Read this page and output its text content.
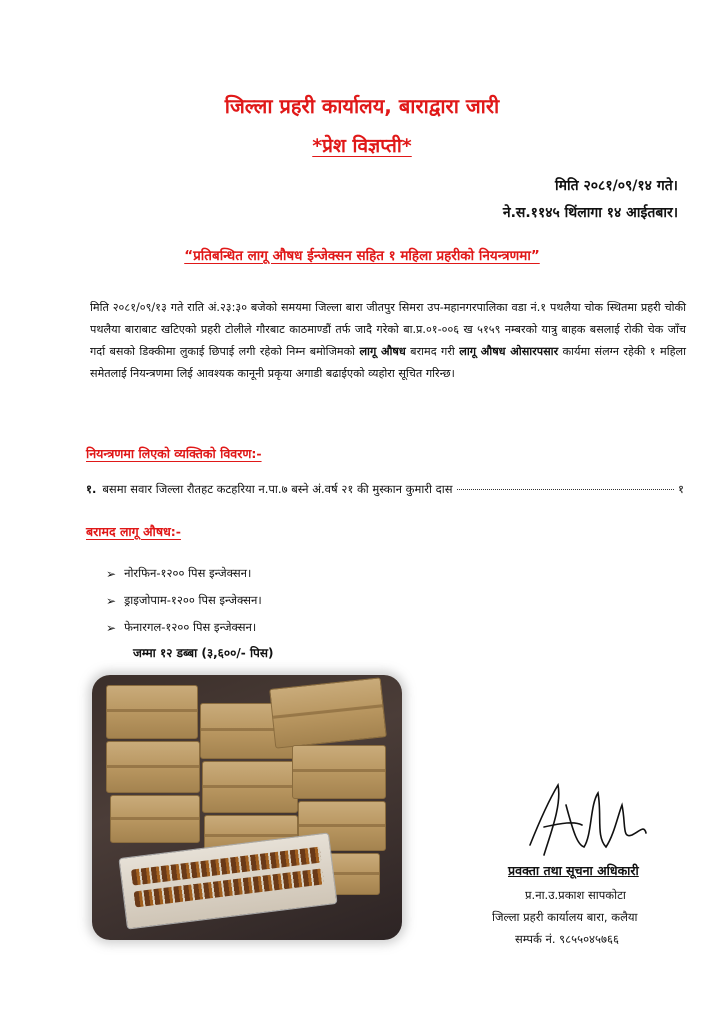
जिल्ला प्रहरी कार्यालय, बाराद्वारा जारी
*प्रेश विज्ञप्ती*
मिति २०८१/०९/१४ गते।
ने.स.११४५ थिंलागा १४ आईतबार।
“प्रतिबन्धित लागू औषध ईन्जेक्सन सहित १ महिला प्रहरीको नियन्त्रणमा”

मिति २०८१/०९/१३ गते राति अं.२३:३० बजेको समयमा जिल्ला बारा जीतपुर सिमरा उप-महानगरपालिका वडा नं.१ पथलैया चोक स्थितमा प्रहरी चोकी पथलैया बाराबाट खटिएको प्रहरी टोलीले गौरबाट काठमाण्डौं तर्फ जादै गरेको बा.प्र.०१-००६ ख ५१५९ नम्बरको यात्रु बाहक बसलाई रोकी चेक जाँच गर्दा बसको डिक्कीमा लुकाई छिपाई लगी रहेको निम्न बमोजिमको लागू औषध बरामद गरी लागू औषध ओसारपसार कार्यमा संलग्न रहेकी १ महिला समेतलाई नियन्त्रणमा लिई आवश्यक कानूनी प्रकृया अगाडी बढाईएको व्यहोरा सूचित गरिन्छ।

नियन्त्रणमा लिएको व्यक्तिको विवरण:-
१. बसमा सवार जिल्ला रौतहट कटहरिया न.पा.७ बस्ने अं.वर्ष २१ की मुस्कान कुमारी दास	१
बरामद लागू औषध:-
➢ नोरफिन-१२०० पिस इन्जेक्सन।
➢ ड्राइजोपाम-१२०० पिस इन्जेक्सन।
➢ फेनारगल-१२०० पिस इन्जेक्सन।
जम्मा १२ डब्बा (३,६००/- पिस)
प्रवक्ता तथा सूचना अधिकारी
प्र.ना.उ.प्रकाश सापकोटा
जिल्ला प्रहरी कार्यालय बारा, कलैया
सम्पर्क नं. ९८५५०४५७६६
